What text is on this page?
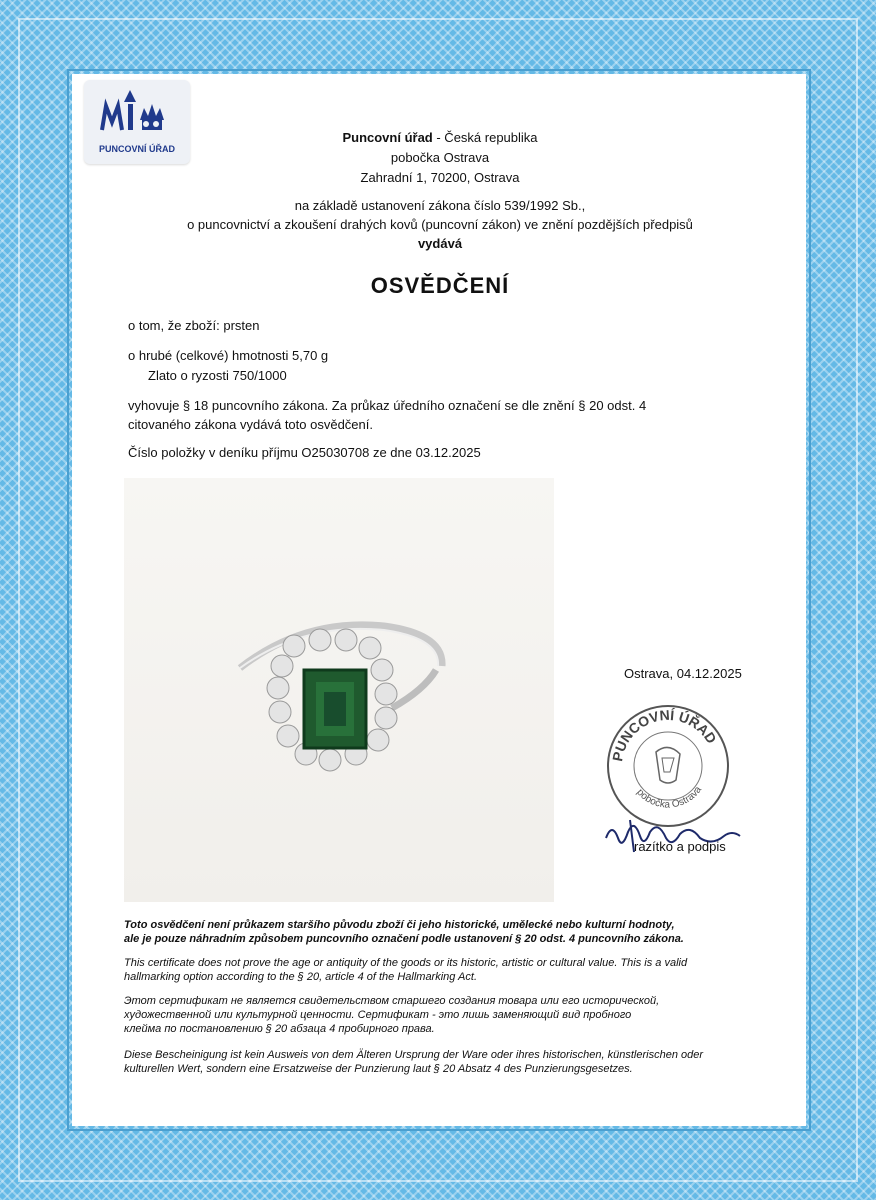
PUNCOVNÍ ÚŘAD
Puncovní úřad - Česká republika
pobočka Ostrava
Zahradní 1, 70200, Ostrava
na základě ustanovení zákona číslo 539/1992 Sb.,
o puncovnictví a zkoušení drahých kovů (puncovní zákon) ve znění pozdějších předpisů
vydává
OSVĚDČENÍ
o tom, že zboží: prsten
o hrubé (celkové) hmotnosti 5,70 g
Zlato o ryzosti 750/1000
vyhovuje § 18 puncovního zákona. Za průkaz úředního označení se dle znění § 20 odst. 4
citovaného zákona vydává toto osvědčení.
Číslo položky v deníku příjmu O25030708 ze dne 03.12.2025
Ostrava, 04.12.2025
PUNCOVNÍ ÚŘAD
pobočka Ostrava
razítko a podpis
Toto osvědčení není průkazem staršího původu zboží či jeho historické, umělecké nebo kulturní hodnoty,
ale je pouze náhradním způsobem puncovního označení podle ustanovení § 20 odst. 4 puncovního zákona.
This certificate does not prove the age or antiquity of the goods or its historic, artistic or cultural value. This is a valid
hallmarking option according to the § 20, article 4 of the Hallmarking Act.
Этот сертификат не является свидетельством старшего создания товара или его исторической,
художественной или культурной ценности. Сертификат - это лишь заменяющий вид пробного
клейма по постановлению § 20 абзаца 4 пробирного права.
Diese Bescheinigung ist kein Ausweis von dem Älteren Ursprung der Ware oder ihres historischen, künstlerischen oder
kulturellen Wert, sondern eine Ersatzweise der Punzierung laut § 20 Absatz 4 des Punzierungsgesetzes.
